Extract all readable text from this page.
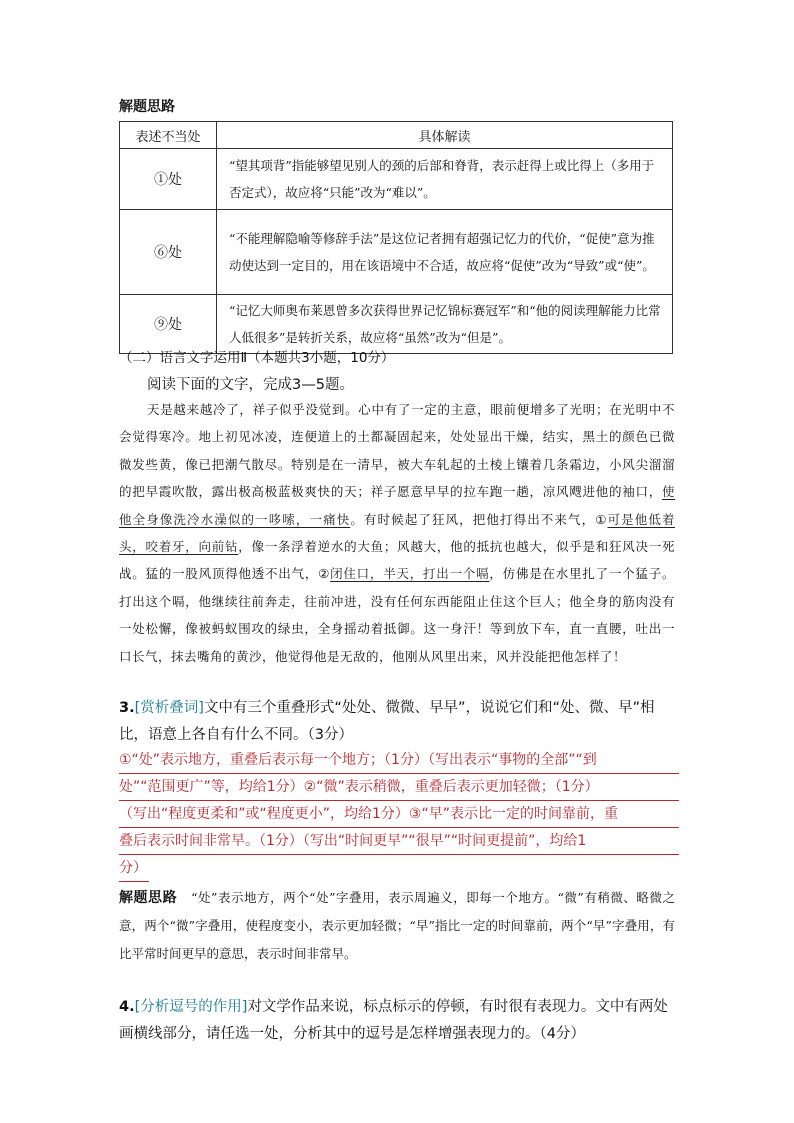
解题思路
表述不当处	具体解读
①处	“望其项背”指能够望见别人的颈的后部和脊背，表示赶得上或比得上（多用于否定式），故应将“只能”改为“难以”。
⑥处	“不能理解隐喻等修辞手法”是这位记者拥有超强记忆力的代价，“促使”意为推动使达到一定目的，用在该语境中不合适，故应将“促使”改为“导致”或“使”。
⑨处	“记忆大师奥布莱恩曾多次获得世界记忆锦标赛冠军”和“他的阅读理解能力比常人低很多”是转折关系，故应将“虽然”改为“但是”。
（二）语言文字运用Ⅱ（本题共3小题，10分）
阅读下面的文字，完成3—5题。
天是越来越冷了，祥子似乎没觉到。心中有了一定的主意，眼前便增多了光明；在光明中不会觉得寒冷。地上初见冰凌，连便道上的土都凝固起来，处处显出干燥，结实，黑土的颜色已微微发些黄，像已把潮气散尽。特别是在一清早，被大车轧起的土棱上镶着几条霜边，小风尖溜溜的把早霞吹散，露出极高极蓝极爽快的天；祥子愿意早早的拉车跑一趟，凉风飕进他的袖口，使他全身像洗冷水澡似的一哆嗦，一痛快。有时候起了狂风，把他打得出不来气，①可是他低着头，咬着牙，向前钻，像一条浮着逆水的大鱼；风越大，他的抵抗也越大，似乎是和狂风决一死战。猛的一股风顶得他透不出气，②闭住口，半天，打出一个嗝，仿佛是在水里扎了一个猛子。打出这个嗝，他继续往前奔走，往前冲进，没有任何东西能阻止住这个巨人；他全身的筋肉没有一处松懈，像被蚂蚁围攻的绿虫，全身摇动着抵御。这一身汗！等到放下车，直一直腰，吐出一口长气，抹去嘴角的黄沙，他觉得他是无敌的，他刚从风里出来，风并没能把他怎样了！
3.[赏析叠词]文中有三个重叠形式“处处、微微、早早”，说说它们和“处、微、早”相比，语意上各自有什么不同。（3分）
①“处”表示地方，重叠后表示每一个地方；（1分）（写出表示“事物的全部”“到
处”“范围更广”等，均给1分）②“微”表示稍微，重叠后表示更加轻微；（1分）
（写出“程度更柔和”或“程度更小”，均给1分）③“早”表示比一定的时间靠前，重
叠后表示时间非常早。（1分）（写出“时间更早”“很早”“时间更提前”，均给1
分）
解题思路 “处”表示地方，两个“处”字叠用，表示周遍义，即每一个地方。“微”有稍微、略微之意，两个“微”字叠用，使程度变小，表示更加轻微；“早”指比一定的时间靠前，两个“早”字叠用，有比平常时间更早的意思，表示时间非常早。
4.[分析逗号的作用]对文学作品来说，标点标示的停顿，有时很有表现力。文中有两处画横线部分，请任选一处，分析其中的逗号是怎样增强表现力的。（4分）
